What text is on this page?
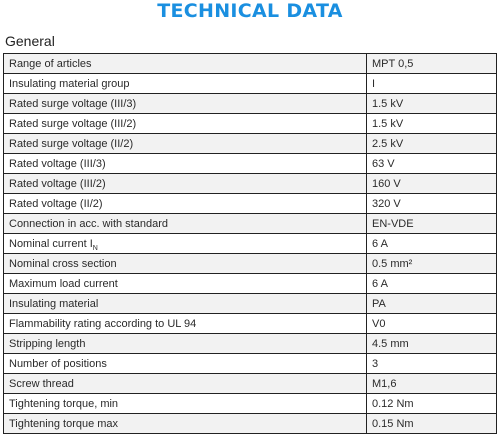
TECHNICAL DATA
General
Range of articles	MPT 0,5
Insulating material group	I
Rated surge voltage (III/3)	1.5 kV
Rated surge voltage (III/2)	1.5 kV
Rated surge voltage (II/2)	2.5 kV
Rated voltage (III/3)	63 V
Rated voltage (III/2)	160 V
Rated voltage (II/2)	320 V
Connection in acc. with standard	EN-VDE
Nominal current $I_N$	6 A
Nominal cross section	0.5 mm²
Maximum load current	6 A
Insulating material	PA
Flammability rating according to UL 94	V0
Stripping length	4.5 mm
Number of positions	3
Screw thread	M1,6
Tightening torque, min	0.12 Nm
Tightening torque max	0.15 Nm
